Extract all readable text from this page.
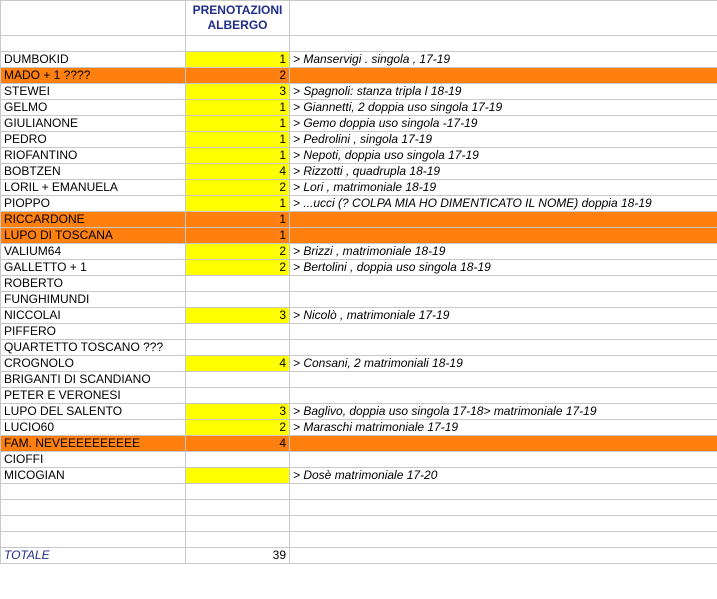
	PRENOTAZIONI
ALBERGO	

DUMBOKID	1	> Manservigi . singola , 17-19
MADO + 1 ????	2	
STEWEI	3	> Spagnoli: stanza tripla l 18-19
GELMO	1	> Giannetti, 2 doppia uso singola 17-19
GIULIANONE	1	> Gemo doppia uso singola -17-19
PEDRO	1	> Pedrolini , singola 17-19
RIOFANTINO	1	> Nepoti, doppia uso singola 17-19
BOBTZEN	4	> Rizzotti , quadrupla 18-19
LORIL + EMANUELA	2	> Lori , matrimoniale 18-19
PIOPPO	1	> ...ucci (? COLPA MIA HO DIMENTICATO IL NOME) doppia 18-19
RICCARDONE	1	
LUPO DI TOSCANA	1	
VALIUM64	2	> Brizzi , matrimoniale 18-19
GALLETTO + 1	2	> Bertolini , doppia uso singola 18-19
ROBERTO		
FUNGHIMUNDI		
NICCOLAI	3	> Nicolò , matrimoniale 17-19
PIFFERO		
QUARTETTO TOSCANO ???		
CROGNOLO	4	> Consani, 2 matrimoniali 18-19
BRIGANTI DI SCANDIANO		
PETER E VERONESI		
LUPO DEL SALENTO	3	> Baglivo, doppia uso singola 17-18> matrimoniale 17-19
LUCIO60	2	> Maraschi matrimoniale 17-19
FAM. NEVEEEEEEEEEE	4	
CIOFFI		
MICOGIAN		> Dosè matrimoniale 17-20

TOTALE	39	
